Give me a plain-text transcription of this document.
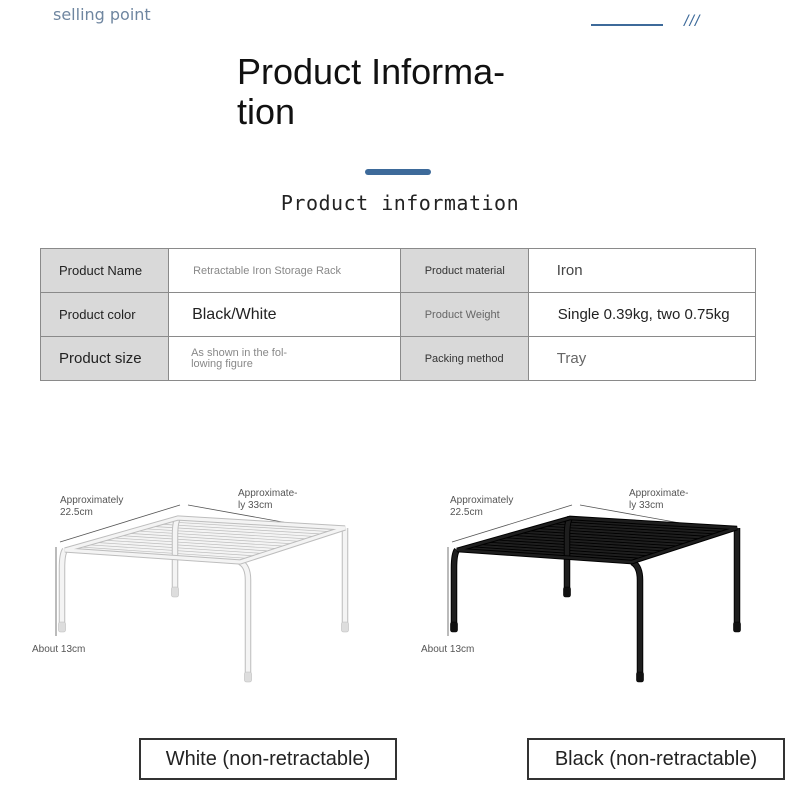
selling point	///
Product Informa-
tion
Product information
Product Name	Retractable Iron Storage Rack	Product material	Iron
Product color	Black/White	Product Weight	Single 0.39kg, two 0.75kg
Product size	As shown in the fol-
lowing figure	Packing method	Tray
Approximately
22.5cm
Approximate-
ly 33cm
About 13cm
White (non-retractable)
Approximately
22.5cm
Approximate-
ly 33cm
About 13cm
Black (non-retractable)
